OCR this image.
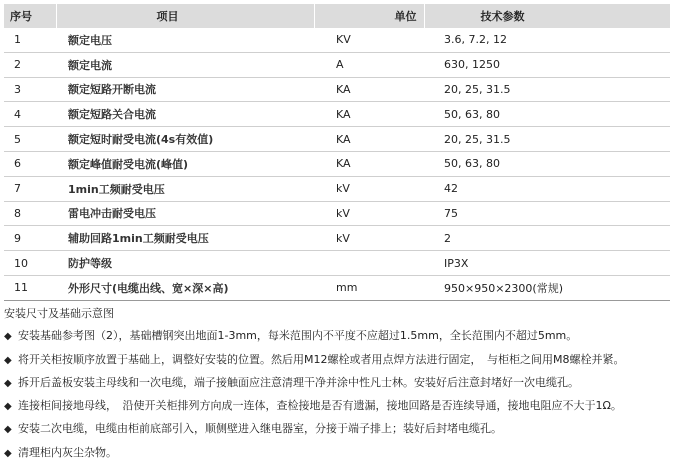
序号	项目	单位	技术参数
1	额定电压	KV	3.6, 7.2, 12
2	额定电流	A	630, 1250
3	额定短路开断电流	KA	20, 25, 31.5
4	额定短路关合电流	KA	50, 63, 80
5	额定短时耐受电流(4s有效值)	KA	20, 25, 31.5
6	额定峰值耐受电流(峰值)	KA	50, 63, 80
7	1min工频耐受电压	kV	42
8	雷电冲击耐受电压	kV	75
9	辅助回路1min工频耐受电压	kV	2
10	防护等级		IP3X
11	外形尺寸(电缆出线、宽×深×高)	mm	950×950×2300(常规)
安装尺寸及基础示意图
◆ 安装基础参考图（2），基础槽钢突出地面1-3mm，每米范围内不平度不应超过1.5mm，全长范围内不超过5mm。
◆ 将开关柜按顺序放置于基础上，调整好安装的位置。然后用M12螺栓或者用点焊方法进行固定，　与柜柜之间用M8螺栓并紧。
◆ 拆开后盖板安装主母线和一次电缆，端子接触面应注意清理干净并涂中性凡士林。安装好后注意封堵好一次电缆孔。
◆ 连接柜间接地母线，　沿使开关柜排列方向成一连体，查检接地是否有遗漏，接地回路是否连续导通，接地电阻应不大于1Ω。
◆ 安装二次电缆，电缆由柜前底部引入，顺侧壁进入继电器室，分接于端子排上；装好后封堵电缆孔。
◆ 清理柜内灰尘杂物。
